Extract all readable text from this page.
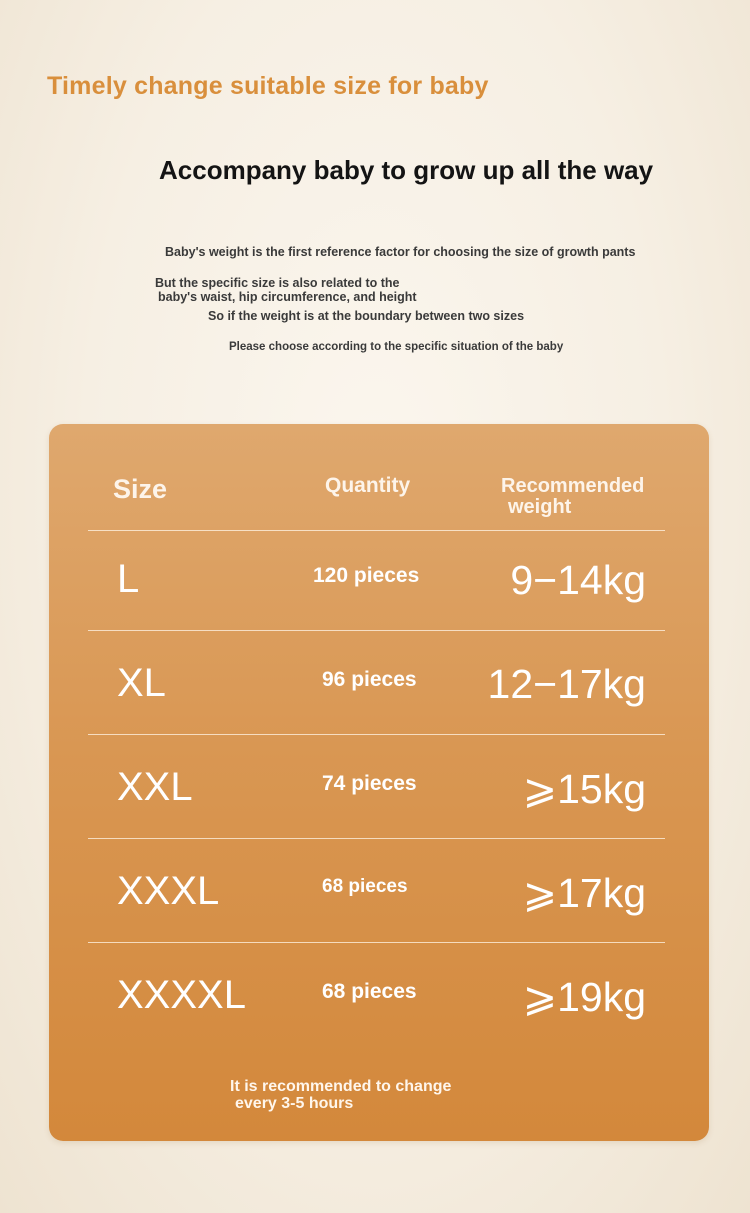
Timely change suitable size for baby
Accompany baby to grow up all the way
Baby's weight is the first reference factor for choosing the size of growth pants
But the specific size is also related to the
baby's waist, hip circumference, and height
So if the weight is at the boundary between two sizes
Please choose according to the specific situation of the baby
Size	Quantity	Recommended
weight
L	120 pieces 9−14kg
XL	96 pieces 12−17kg
XXL	74 pieces	⩾15kg
XXXL	68 pieces	⩾17kg
XXXXL	68 pieces	⩾19kg
It is recommended to change
every 3-5 hours
